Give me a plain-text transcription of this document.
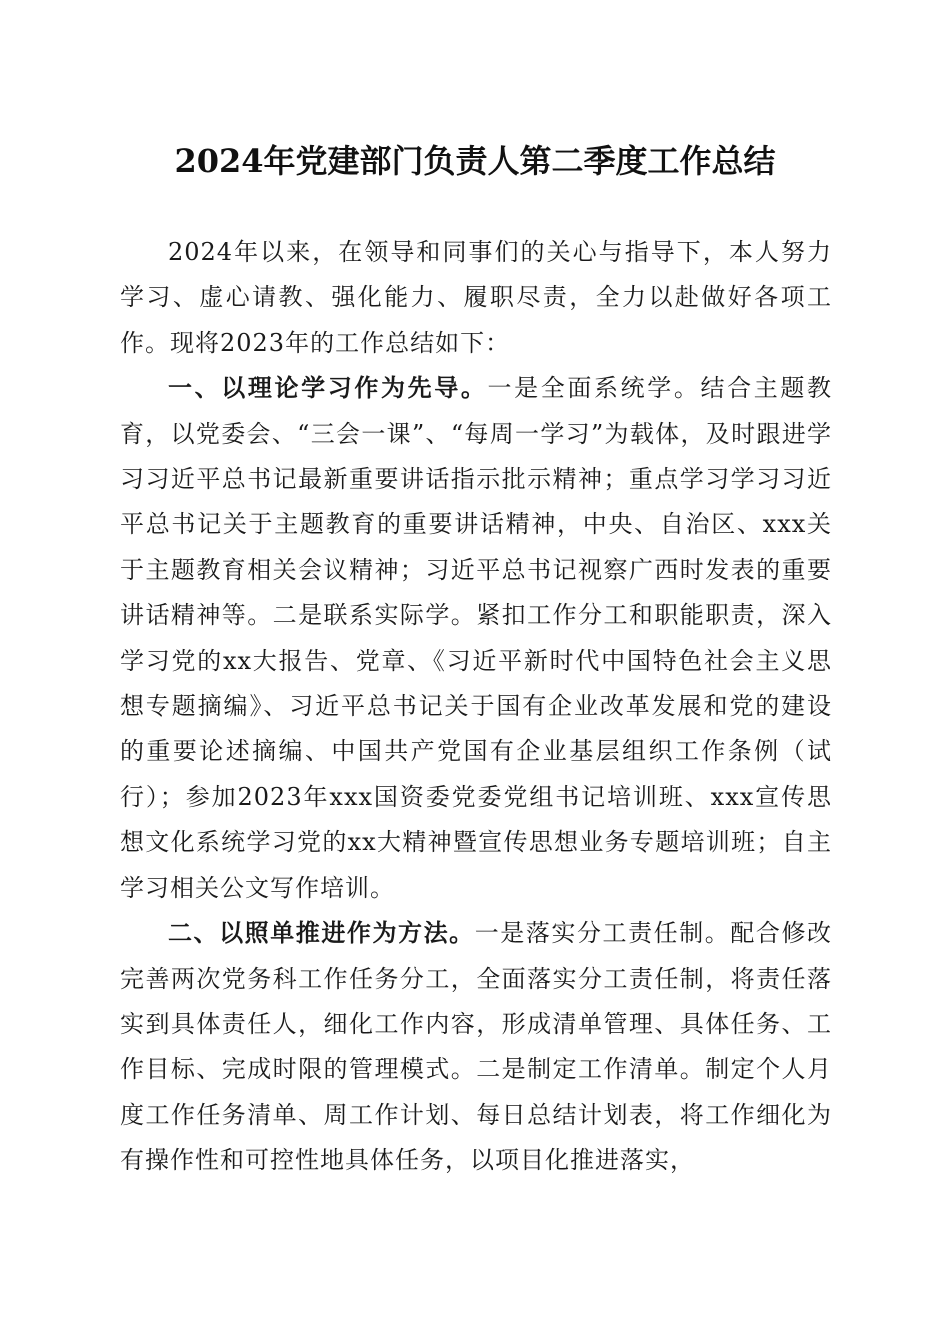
2024年党建部门负责人第二季度工作总结

2024年以来，在领导和同事们的关心与指导下，本人努力学习、虚心请教、强化能力、履职尽责，全力以赴做好各项工作。现将2023年的工作总结如下：

一、以理论学习作为先导。一是全面系统学。结合主题教育，以党委会、“三会一课”、“每周一学习”为载体，及时跟进学习习近平总书记最新重要讲话指示批示精神；重点学习学习习近平总书记关于主题教育的重要讲话精神，中央、自治区、xxx关于主题教育相关会议精神；习近平总书记视察广西时发表的重要讲话精神等。二是联系实际学。紧扣工作分工和职能职责，深入学习党的xx大报告、党章、《习近平新时代中国特色社会主义思想专题摘编》、习近平总书记关于国有企业改革发展和党的建设的重要论述摘编、中国共产党国有企业基层组织工作条例（试行）；参加2023年xxx国资委党委党组书记培训班、xxx宣传思想文化系统学习党的xx大精神暨宣传思想业务专题培训班；自主学习相关公文写作培训。

二、以照单推进作为方法。一是落实分工责任制。配合修改完善两次党务科工作任务分工，全面落实分工责任制，将责任落实到具体责任人，细化工作内容，形成清单管理、具体任务、工作目标、完成时限的管理模式。二是制定工作清单。制定个人月度工作任务清单、周工作计划、每日总结计划表，将工作细化为有操作性和可控性地具体任务，以项目化推进落实，
